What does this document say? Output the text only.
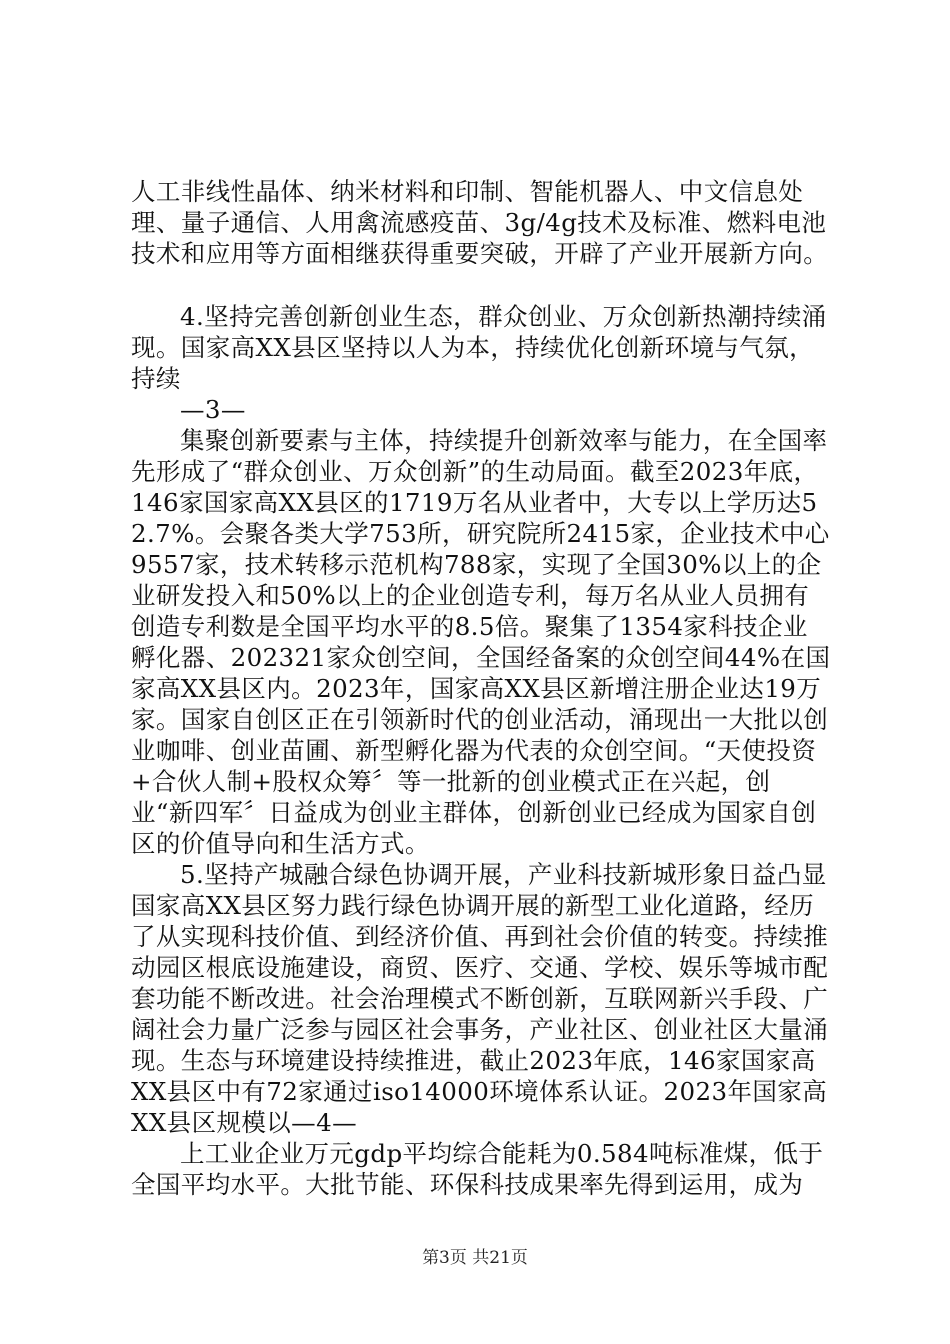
人工非线性晶体、纳米材料和印制、智能机器人、中文信息处理、量子通信、人用禽流感疫苗、3g/4g技术及标准、燃料电池技术和应用等方面相继获得重要突破，开辟了产业开展新方向。

4.坚持完善创新创业生态，群众创业、万众创新热潮持续涌现。国家高XX县区坚持以人为本，持续优化创新环境与气氛，持续

—3—

集聚创新要素与主体，持续提升创新效率与能力，在全国率先形成了“群众创业、万众创新”的生动局面。截至2023年底，146家国家高XX县区的1719万名从业者中，大专以上学历达52.7%。会聚各类大学753所，研究院所2415家，企业技术中心9557家，技术转移示范机构788家，实现了全国30%以上的企业研发投入和50%以上的企业创造专利，每万名从业人员拥有创造专利数是全国平均水平的8.5倍。聚集了1354家科技企业孵化器、202321家众创空间，全国经备案的众创空间44%在国家高XX县区内。2023年，国家高XX县区新增注册企业达19万家。国家自创区正在引领新时代的创业活动，涌现出一大批以创业咖啡、创业苗圃、新型孵化器为代表的众创空间。“天使投资+合伙人制+股权众筹〞等一批新的创业模式正在兴起，创业“新四军〞日益成为创业主群体，创新创业已经成为国家自创区的价值导向和生活方式。

5.坚持产城融合绿色协调开展，产业科技新城形象日益凸显国家高XX县区努力践行绿色协调开展的新型工业化道路，经历了从实现科技价值、到经济价值、再到社会价值的转变。持续推动园区根底设施建设，商贸、医疗、交通、学校、娱乐等城市配套功能不断改进。社会治理模式不断创新，互联网新兴手段、广阔社会力量广泛参与园区社会事务，产业社区、创业社区大量涌现。生态与环境建设持续推进，截止2023年底，146家国家高XX县区中有72家通过iso14000环境体系认证。2023年国家高XX县区规模以—4—

上工业企业万元gdp平均综合能耗为0.584吨标准煤，低于全国平均水平。大批节能、环保科技成果率先得到运用，成为

第3页 共21页
